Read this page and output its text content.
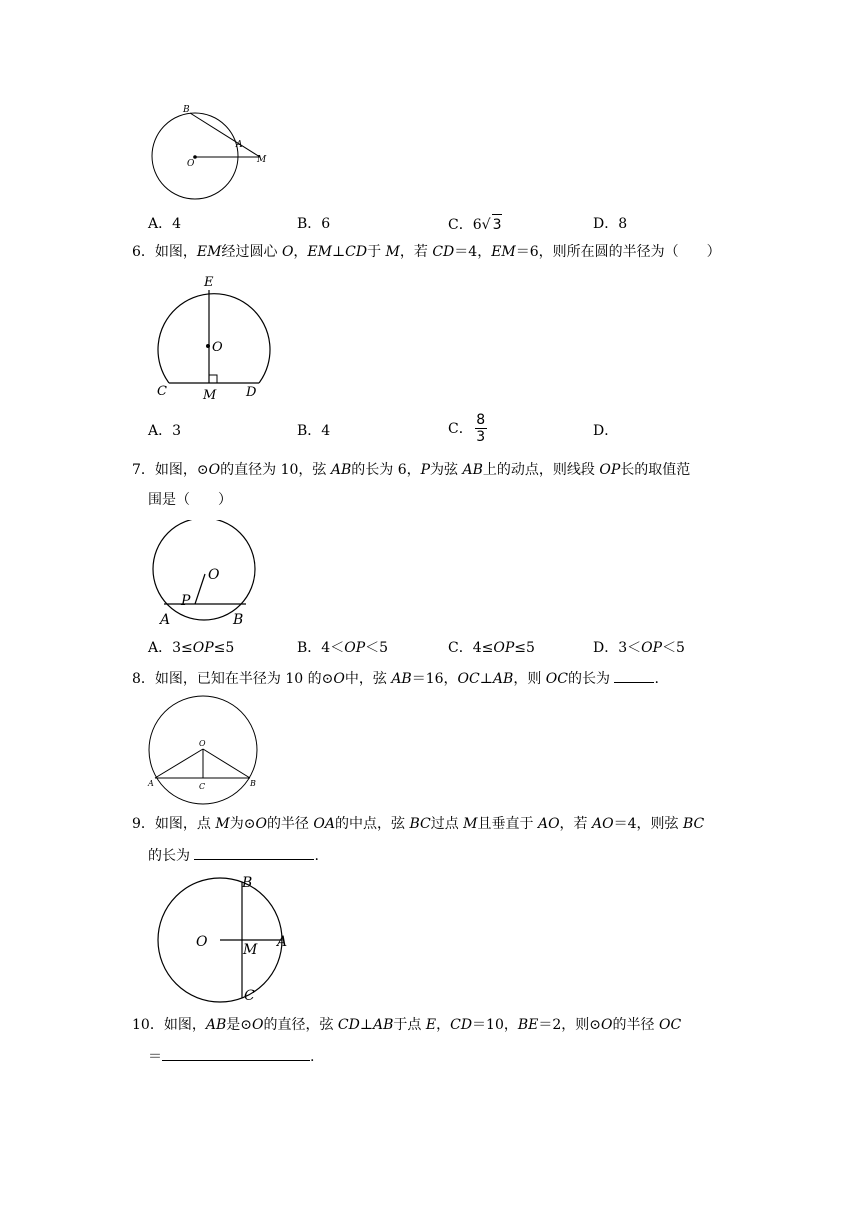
B
A
M
O
A．4	B．6	C．6√ 3	D．8
6．如图，EM经过圆心 O，EM⊥CD于 M，若 CD＝4，EM＝6，则所在圆的半径为（　　）
E
O
C	M D
A．3	B．4	C． $\frac{8}{3}$	D．
7．如图，⊙O的直径为 10，弦 AB的长为 6，P为弦 AB上的动点，则线段 OP长的取值范
围是（　　）
O
P
A	B
A．3≤OP≤5	B．4＜OP＜5	C．4≤OP≤5	D．3＜OP＜5
8．如图，已知在半径为 10 的⊙O中，弦 AB＝16，OC⊥AB，则 OC的长为	.
O
A	C	B
9．如图，点 M为⊙O的半径 OA的中点，弦 BC过点 M且垂直于 AO，若 AO＝4，则弦 BC
的长为	.
B
O	M A
C
10．如图，AB是⊙O的直径，弦 CD⊥AB于点 E，CD＝10，BE＝2，则⊙O的半径 OC
＝	.
